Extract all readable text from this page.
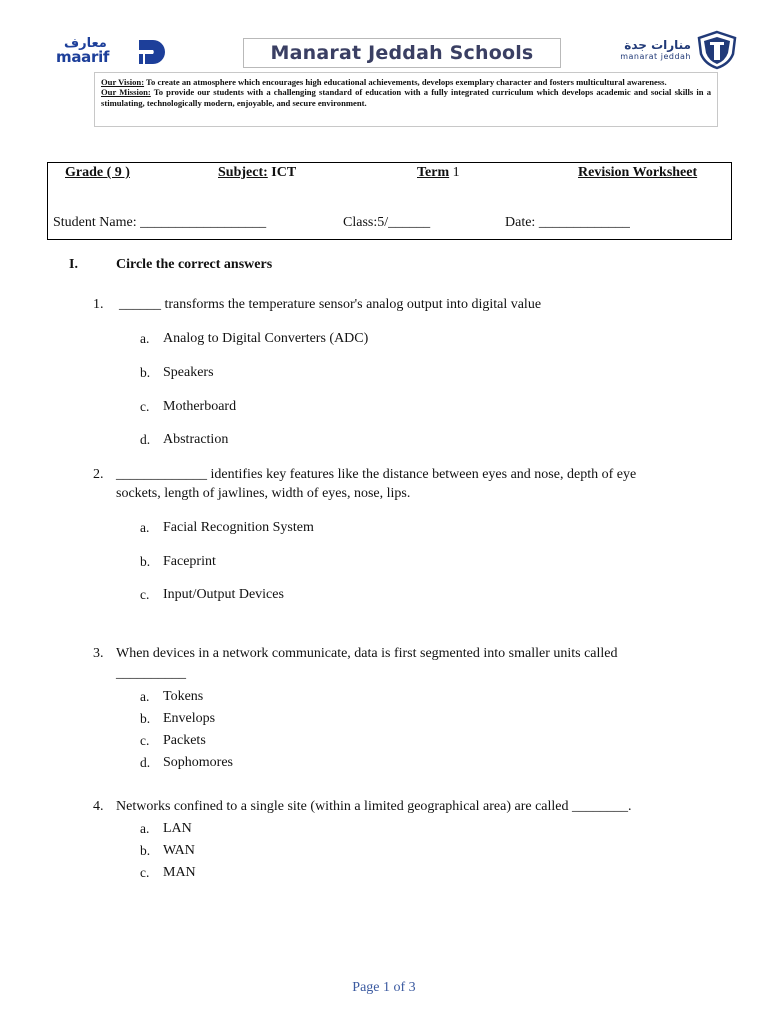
معارف
maarif	Manarat Jeddah Schools	منارات جدة
manarat jeddah
Our Vision: To create an atmosphere which encourages high educational achievements, develops exemplary character and fosters multicultural awareness.
Our Mission: To provide our students with a challenging standard of education with a fully integrated curriculum which develops academic and social skills in a stimulating, technologically modern, enjoyable, and secure environment.
Grade ( 9 )	Subject: ICT	Term 1	Revision Worksheet
Student Name: __________________	Class:5/______	Date: _____________
I.	Circle the correct answers
1. ______ transforms the temperature sensor's analog output into digital value
a. Analog to Digital Converters (ADC)
b. Speakers
c. Motherboard
d. Abstraction
2. _____________ identifies key features like the distance between eyes and nose, depth of eye
sockets, length of jawlines, width of eyes, nose, lips.
a. Facial Recognition System
b. Faceprint
c. Input/Output Devices
3. When devices in a network communicate, data is first segmented into smaller units called
__________
a. Tokens
b. Envelops
c. Packets
d. Sophomores
4. Networks confined to a single site (within a limited geographical area) are called ________.
a. LAN
b. WAN
c. MAN
Page 1 of 3
